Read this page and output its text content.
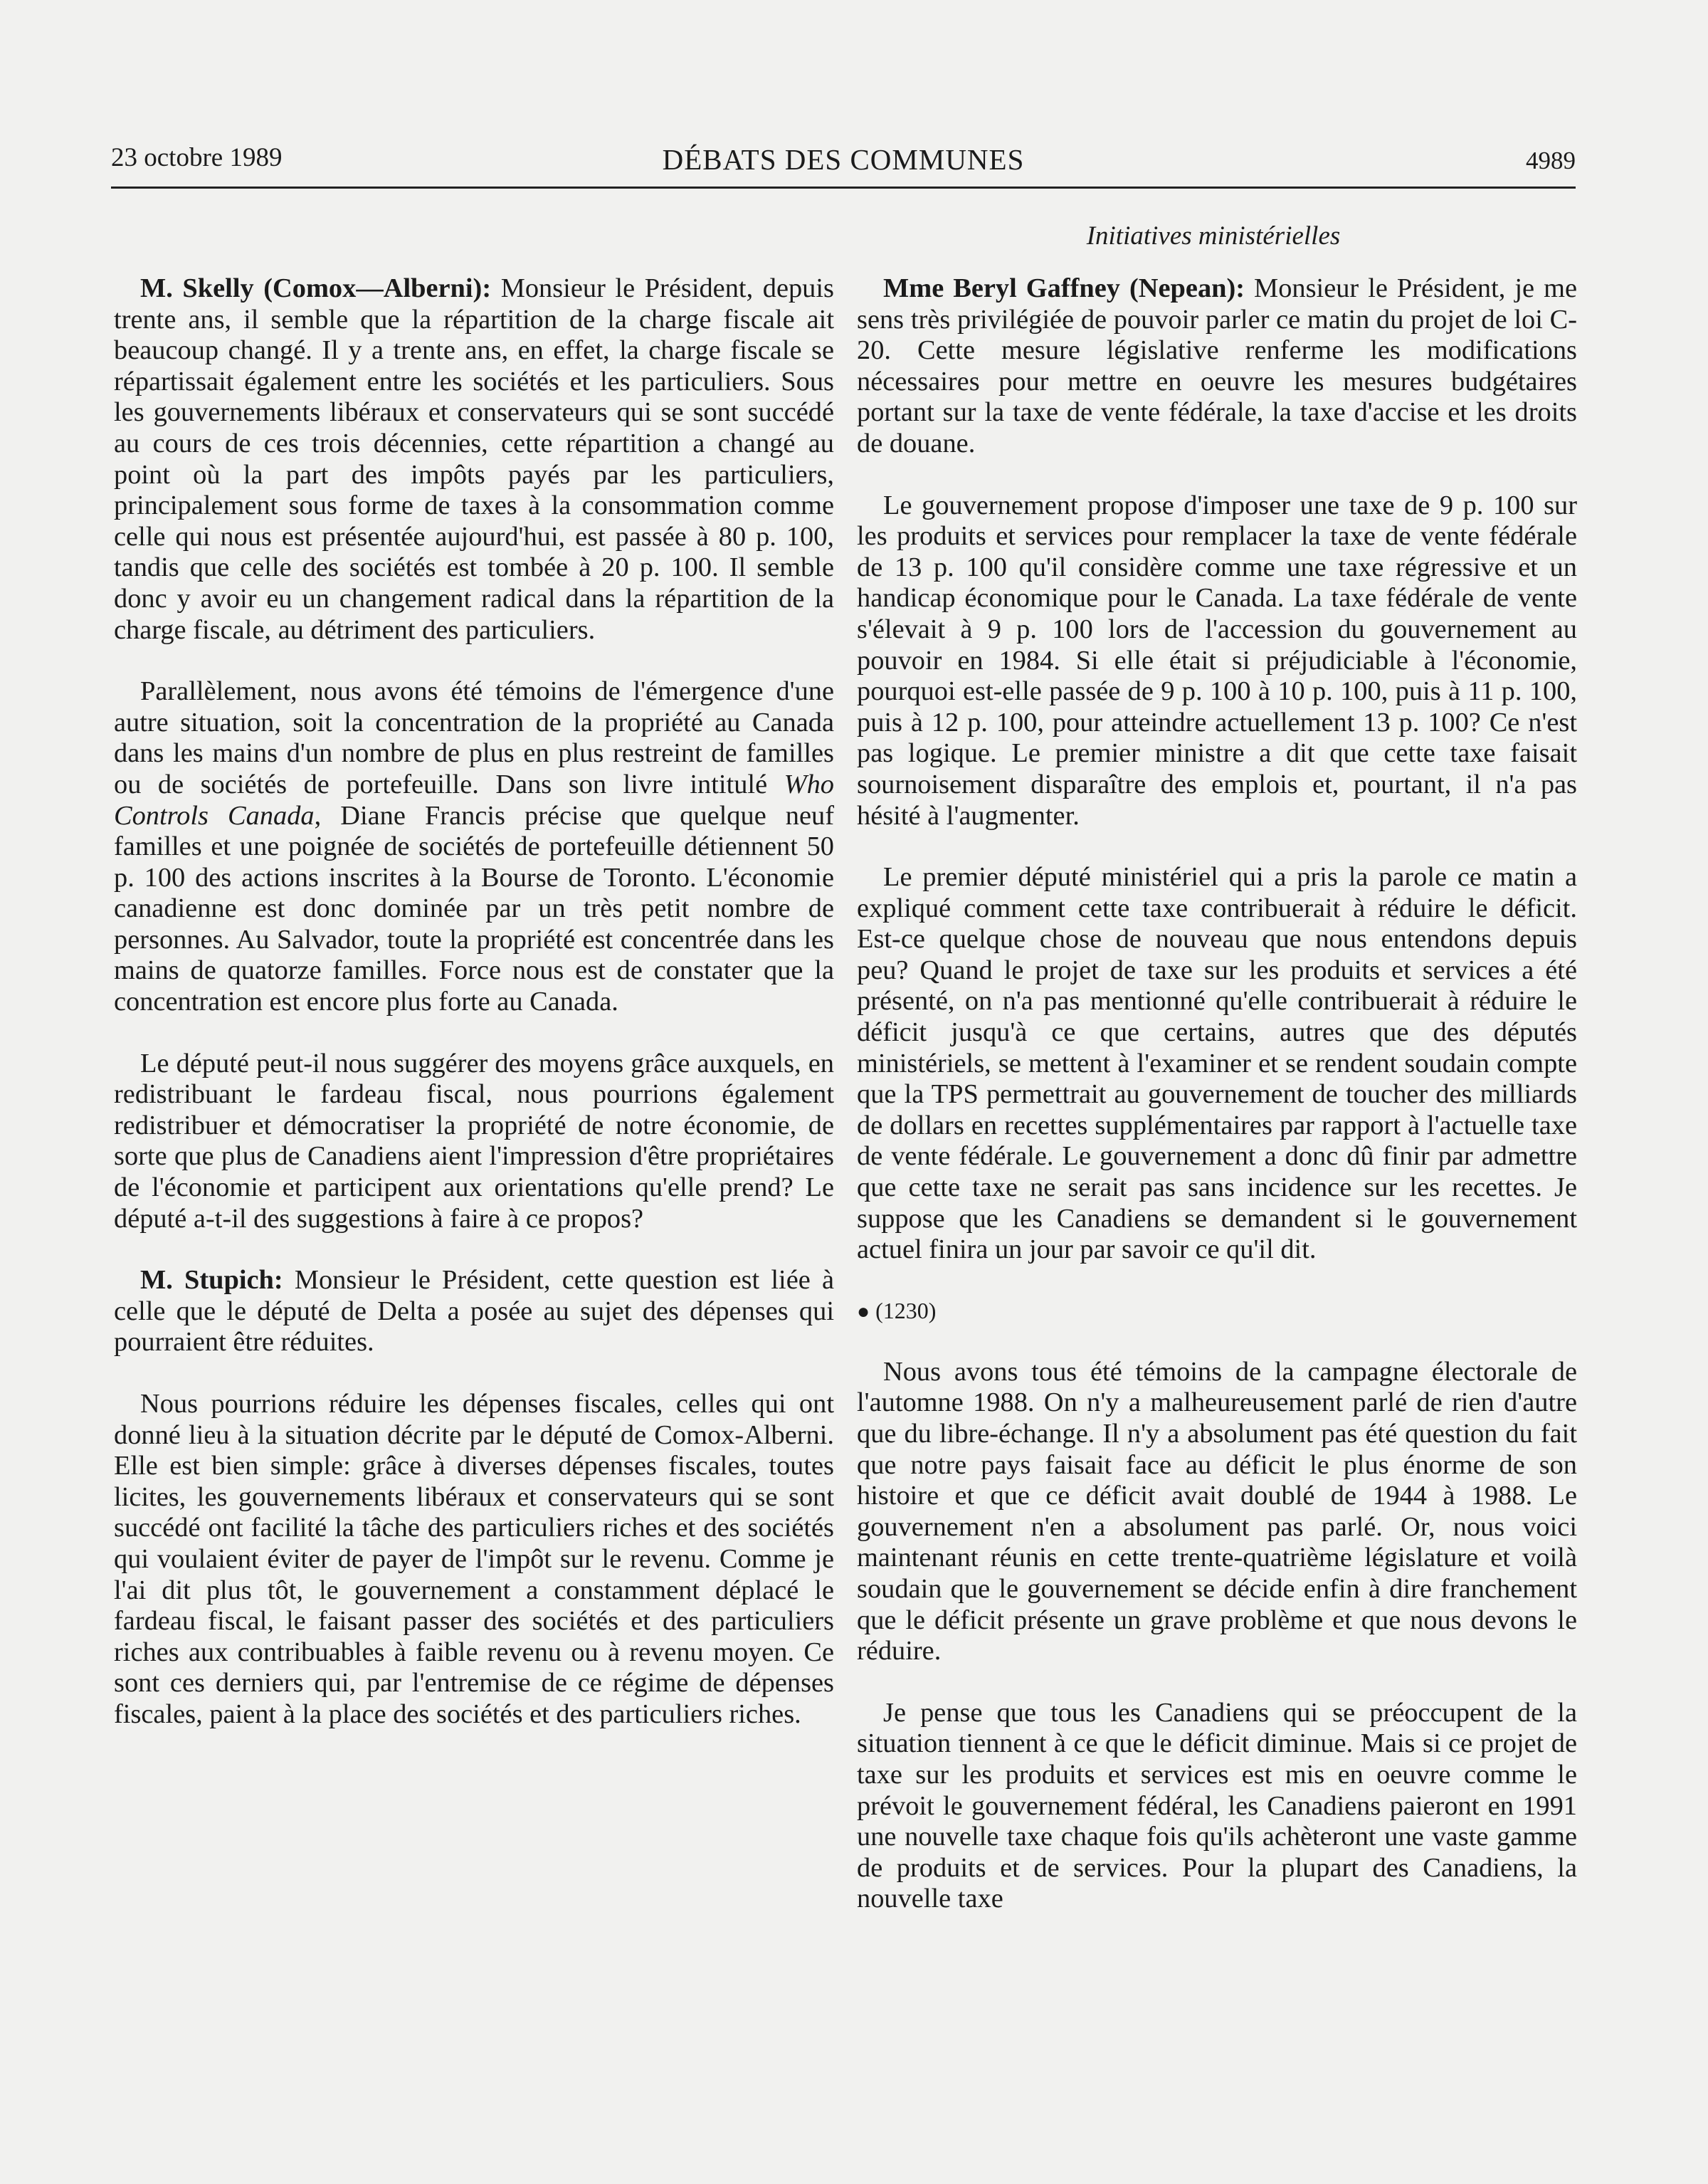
23 octobre 1989	DÉBATS DES COMMUNES	4989
Initiatives ministérielles

M. Skelly (Comox—Alberni): Monsieur le Président, depuis trente ans, il semble que la répartition de la charge fiscale ait beaucoup changé. Il y a trente ans, en effet, la charge fiscale se répartissait également entre les sociétés et les particuliers. Sous les gouvernements libéraux et conservateurs qui se sont succédé au cours de ces trois décennies, cette répartition a changé au point où la part des impôts payés par les particuliers, principalement sous forme de taxes à la consommation comme celle qui nous est présentée aujourd'hui, est passée à 80 p. 100, tandis que celle des sociétés est tombée à 20 p. 100. Il semble donc y avoir eu un changement radical dans la répartition de la charge fiscale, au détriment des particuliers.

Parallèlement, nous avons été témoins de l'émergence d'une autre situation, soit la concentration de la propriété au Canada dans les mains d'un nombre de plus en plus restreint de familles ou de sociétés de portefeuille. Dans son livre intitulé Who Controls Canada, Diane Francis précise que quelque neuf familles et une poignée de sociétés de portefeuille détiennent 50 p. 100 des actions inscrites à la Bourse de Toronto. L'économie canadienne est donc dominée par un très petit nombre de personnes. Au Salvador, toute la propriété est concentrée dans les mains de quatorze familles. Force nous est de constater que la concentration est encore plus forte au Canada.

Le député peut-il nous suggérer des moyens grâce auxquels, en redistribuant le fardeau fiscal, nous pourrions également redistribuer et démocratiser la propriété de notre économie, de sorte que plus de Canadiens aient l'impression d'être propriétaires de l'économie et participent aux orientations qu'elle prend? Le député a-t-il des suggestions à faire à ce propos?

M. Stupich: Monsieur le Président, cette question est liée à celle que le député de Delta a posée au sujet des dépenses qui pourraient être réduites.

Nous pourrions réduire les dépenses fiscales, celles qui ont donné lieu à la situation décrite par le député de Comox-Alberni. Elle est bien simple: grâce à diverses dépenses fiscales, toutes licites, les gouvernements libéraux et conservateurs qui se sont succédé ont facilité la tâche des particuliers riches et des sociétés qui voulaient éviter de payer de l'impôt sur le revenu. Comme je l'ai dit plus tôt, le gouvernement a constamment déplacé le fardeau fiscal, le faisant passer des sociétés et des particuliers riches aux contribuables à faible revenu ou à revenu moyen. Ce sont ces derniers qui, par l'entremise de ce régime de dépenses fiscales, paient à la place des sociétés et des particuliers riches.

Mme Beryl Gaffney (Nepean): Monsieur le Président, je me sens très privilégiée de pouvoir parler ce matin du projet de loi C-20. Cette mesure législative renferme les modifications nécessaires pour mettre en oeuvre les mesures budgétaires portant sur la taxe de vente fédérale, la taxe d'accise et les droits de douane.

Le gouvernement propose d'imposer une taxe de 9 p. 100 sur les produits et services pour remplacer la taxe de vente fédérale de 13 p. 100 qu'il considère comme une taxe régressive et un handicap économique pour le Canada. La taxe fédérale de vente s'élevait à 9 p. 100 lors de l'accession du gouvernement au pouvoir en 1984. Si elle était si préjudiciable à l'économie, pourquoi est-elle passée de 9 p. 100 à 10 p. 100, puis à 11 p. 100, puis à 12 p. 100, pour atteindre actuellement 13 p. 100? Ce n'est pas logique. Le premier ministre a dit que cette taxe faisait sournoisement disparaître des emplois et, pourtant, il n'a pas hésité à l'augmenter.

Le premier député ministériel qui a pris la parole ce matin a expliqué comment cette taxe contribuerait à réduire le déficit. Est-ce quelque chose de nouveau que nous entendons depuis peu? Quand le projet de taxe sur les produits et services a été présenté, on n'a pas mentionné qu'elle contribuerait à réduire le déficit jusqu'à ce que certains, autres que des députés ministériels, se mettent à l'examiner et se rendent soudain compte que la TPS permettrait au gouvernement de toucher des milliards de dollars en recettes supplémentaires par rapport à l'actuelle taxe de vente fédérale. Le gouvernement a donc dû finir par admettre que cette taxe ne serait pas sans incidence sur les recettes. Je suppose que les Canadiens se demandent si le gouvernement actuel finira un jour par savoir ce qu'il dit.

● (1230)

Nous avons tous été témoins de la campagne électorale de l'automne 1988. On n'y a malheureusement parlé de rien d'autre que du libre-échange. Il n'y a absolument pas été question du fait que notre pays faisait face au déficit le plus énorme de son histoire et que ce déficit avait doublé de 1944 à 1988. Le gouvernement n'en a absolument pas parlé. Or, nous voici maintenant réunis en cette trente-quatrième législature et voilà soudain que le gouvernement se décide enfin à dire franchement que le déficit présente un grave problème et que nous devons le réduire.

Je pense que tous les Canadiens qui se préoccupent de la situation tiennent à ce que le déficit diminue. Mais si ce projet de taxe sur les produits et services est mis en oeuvre comme le prévoit le gouvernement fédéral, les Canadiens paieront en 1991 une nouvelle taxe chaque fois qu'ils achèteront une vaste gamme de produits et de services. Pour la plupart des Canadiens, la nouvelle taxe
